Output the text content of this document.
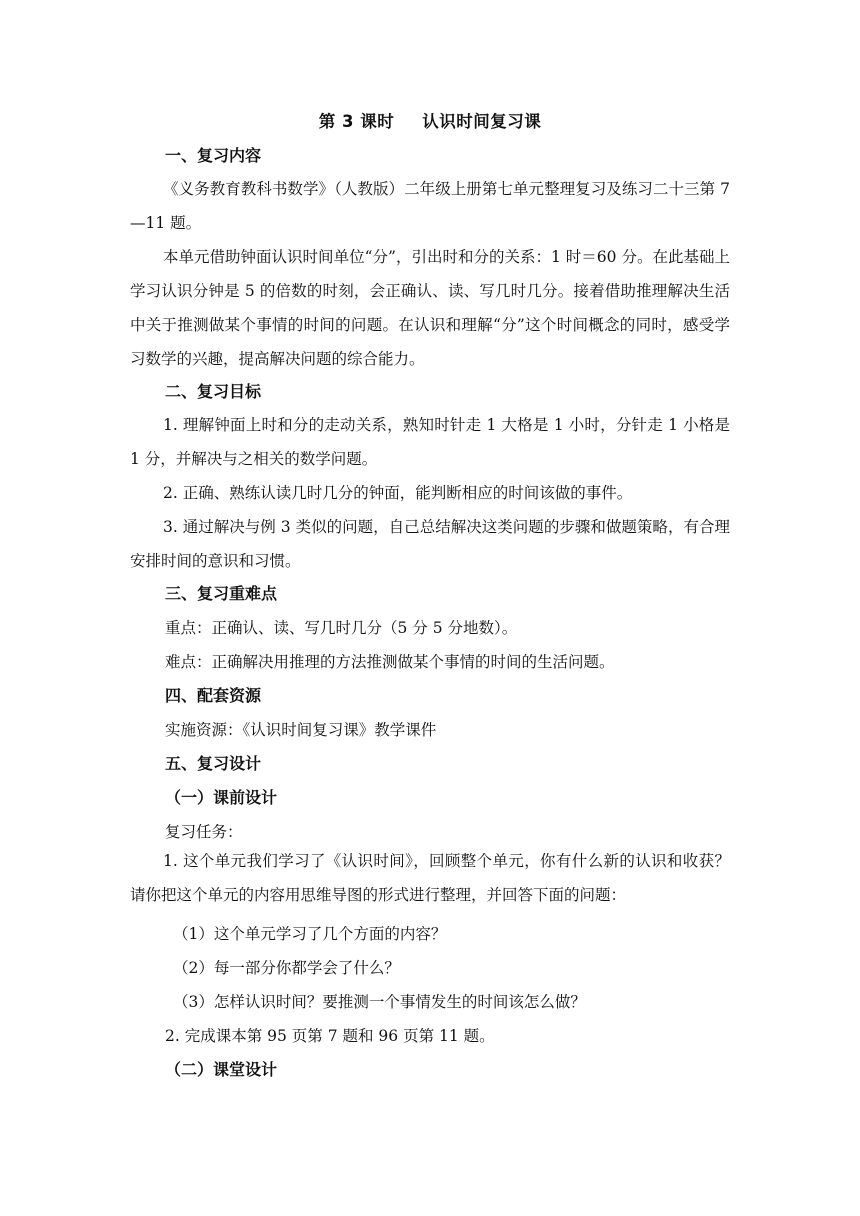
第 3 课时 认识时间复习课
一、复习内容
《义务教育教科书数学》（人教版）二年级上册第七单元整理复习及练习二十三第 7—11 题。
本单元借助钟面认识时间单位“分”，引出时和分的关系：1 时＝60 分。在此基础上学习认识分钟是 5 的倍数的时刻，会正确认、读、写几时几分。接着借助推理解决生活中关于推测做某个事情的时间的问题。在认识和理解“分”这个时间概念的同时，感受学习数学的兴趣，提高解决问题的综合能力。
二、复习目标
1. 理解钟面上时和分的走动关系，熟知时针走 1 大格是 1 小时，分针走 1 小格是 1 分，并解决与之相关的数学问题。
2. 正确、熟练认读几时几分的钟面，能判断相应的时间该做的事件。
3. 通过解决与例 3 类似的问题，自己总结解决这类问题的步骤和做题策略，有合理安排时间的意识和习惯。
三、复习重难点
重点：正确认、读、写几时几分（5 分 5 分地数）。
难点：正确解决用推理的方法推测做某个事情的时间的生活问题。
四、配套资源
实施资源：《认识时间复习课》教学课件
五、复习设计
（一）课前设计
复习任务：
1. 这个单元我们学习了《认识时间》，回顾整个单元，你有什么新的认识和收获？请你把这个单元的内容用思维导图的形式进行整理，并回答下面的问题：
（1）这个单元学习了几个方面的内容？
（2）每一部分你都学会了什么？
（3）怎样认识时间？要推测一个事情发生的时间该怎么做？
2. 完成课本第 95 页第 7 题和 96 页第 11 题。
（二）课堂设计
